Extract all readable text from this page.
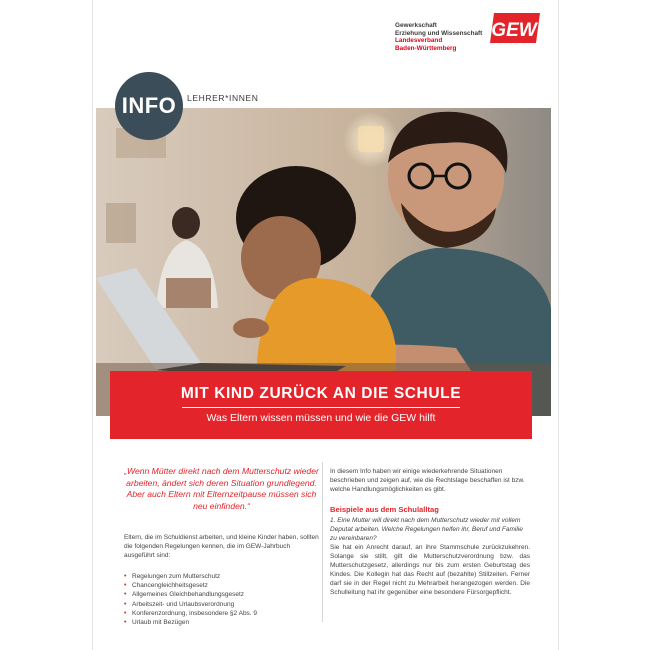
Gewerkschaft
Erziehung und Wissenschaft
Landesverband
Baden-Württemberg
GEW
INFO LEHRER*INNEN
MIT KIND ZURÜCK AN DIE SCHULE
Was Eltern wissen müssen und wie die GEW hilft
„Wenn Mütter direkt nach dem Mutterschutz wieder arbeiten, ändert sich deren Situation grundlegend. Aber auch Eltern mit Elternzeitpause müssen sich neu einfinden.“
Eltern, die im Schuldienst arbeiten, und kleine Kinder haben, sollten die folgenden Regelungen kennen, die im GEW-Jahrbuch ausgeführt sind:
• Regelungen zum Mutterschutz
• Chancengleichheitsgesetz
• Allgemeines Gleichbehandlungsgesetz
• Arbeitszeit- und Urlaubsverordnung
• Konferenzordnung, insbesondere §2 Abs. 9
• Urlaub mit Bezügen
In diesem Info haben wir einige wiederkehrende Situationen beschrieben und zeigen auf, wie die Rechtslage beschaffen ist bzw. welche Handlungsmöglichkeiten es gibt.
Beispiele aus dem Schulalltag
1. Eine Mutter will direkt nach dem Mutterschutz wieder mit vollem Deputat arbeiten. Welche Regelungen helfen ihr, Beruf und Familie zu vereinbaren?
Sie hat ein Anrecht darauf, an ihre Stammschule zurückzukehren. Solange sie stillt, gilt die Mutterschutzverordnung bzw. das Mutterschutzgesetz, allerdings nur bis zum ersten Geburtstag des Kindes. Die Kollegin hat das Recht auf (bezahlte) Stillzeiten. Ferner darf sie in der Regel nicht zu Mehrarbeit herangezogen werden. Die Schulleitung hat ihr gegenüber eine besondere Fürsorgepflicht.
